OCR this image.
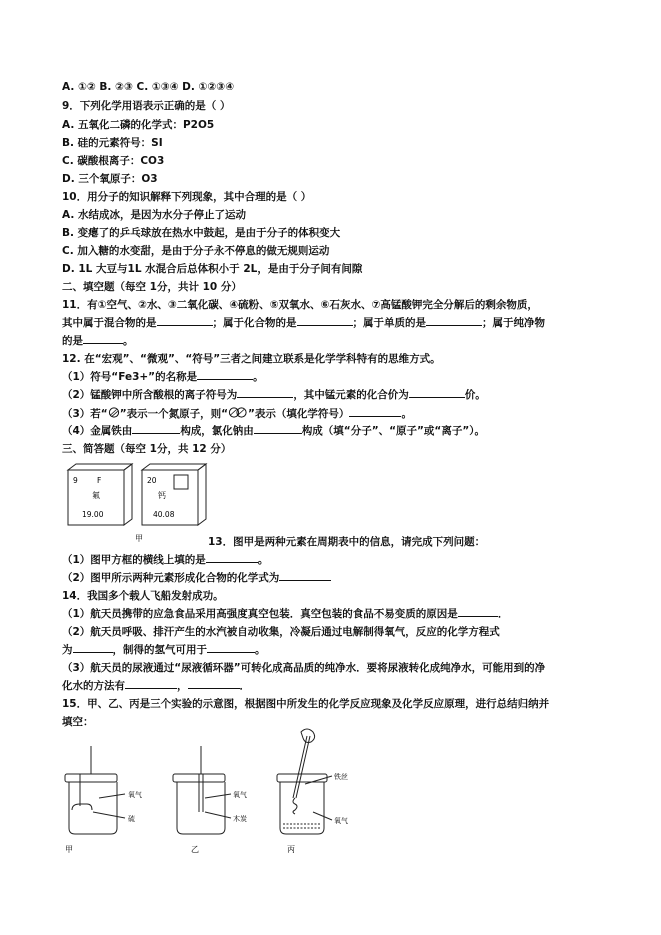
A. ①② B. ②③ C. ①③④ D. ①②③④
9．下列化学用语表示正确的是（ ）
A. 五氧化二磷的化学式：P2O5
B. 硅的元素符号：SI
C. 碳酸根离子：CO3
D. 三个氧原子：O3
10．用分子的知识解释下列现象，其中合理的是（ ）
A. 水结成冰，是因为水分子停止了运动
B. 变瘪了的乒乓球放在热水中鼓起，是由于分子的体积变大
C. 加入糖的水变甜，是由于分子永不停息的做无规则运动
D. 1L 大豆与1L 水混合后总体积小于 2L，是由于分子间有间隙
二、填空题（每空 1分，共计 10 分）
11．有①空气、②水、③二氧化碳、④硫粉、⑤双氧水、⑥石灰水、⑦高锰酸钾完全分解后的剩余物质，
其中属于混合物的是	；属于化合物的是	；属于单质的是	；属于纯净物
的是	。
12. 在“宏观”、“微观”、“符号”三者之间建立联系是化学学科特有的思维方式。
（1）符号“Fe3+”的名称是	。
（2）锰酸钾中所含酸根的离子符号为	，其中锰元素的化合价为	价。
（3）若“ ”表示一个氮原子，则“ ”表示（填化学符号）	。
（4）金属铁由	构成，氯化钠由	构成（填“分子”、“原子”或“离子”）。
三、简答题（每空 1分，共 12 分）
9	F
氟
19.00
20
钙
40.08
甲	13．图甲是两种元素在周期表中的信息，请完成下列问题：
（1）图甲方框的横线上填的是	。
（2）图甲所示两种元素形成化合物的化学式为
14．我国多个载人飞船发射成功。
（1）航天员携带的应急食品采用高强度真空包装．真空包装的食品不易变质的原因是	．
（2）航天员呼吸、排汗产生的水汽被自动收集，冷凝后通过电解制得氧气，反应的化学方程式
为	，制得的氢气可用于	。
（3）航天员的尿液通过“尿液循环器”可转化成高品质的纯净水．要将尿液转化成纯净水，可能用到的净
化水的方法有	，	．
15．甲、乙、丙是三个实验的示意图，根据图中所发生的化学反应现象及化学反应原理，进行总结归纳并
填空：
氧气
硫
甲
氧气
木炭
乙
铁丝
氧气
丙
